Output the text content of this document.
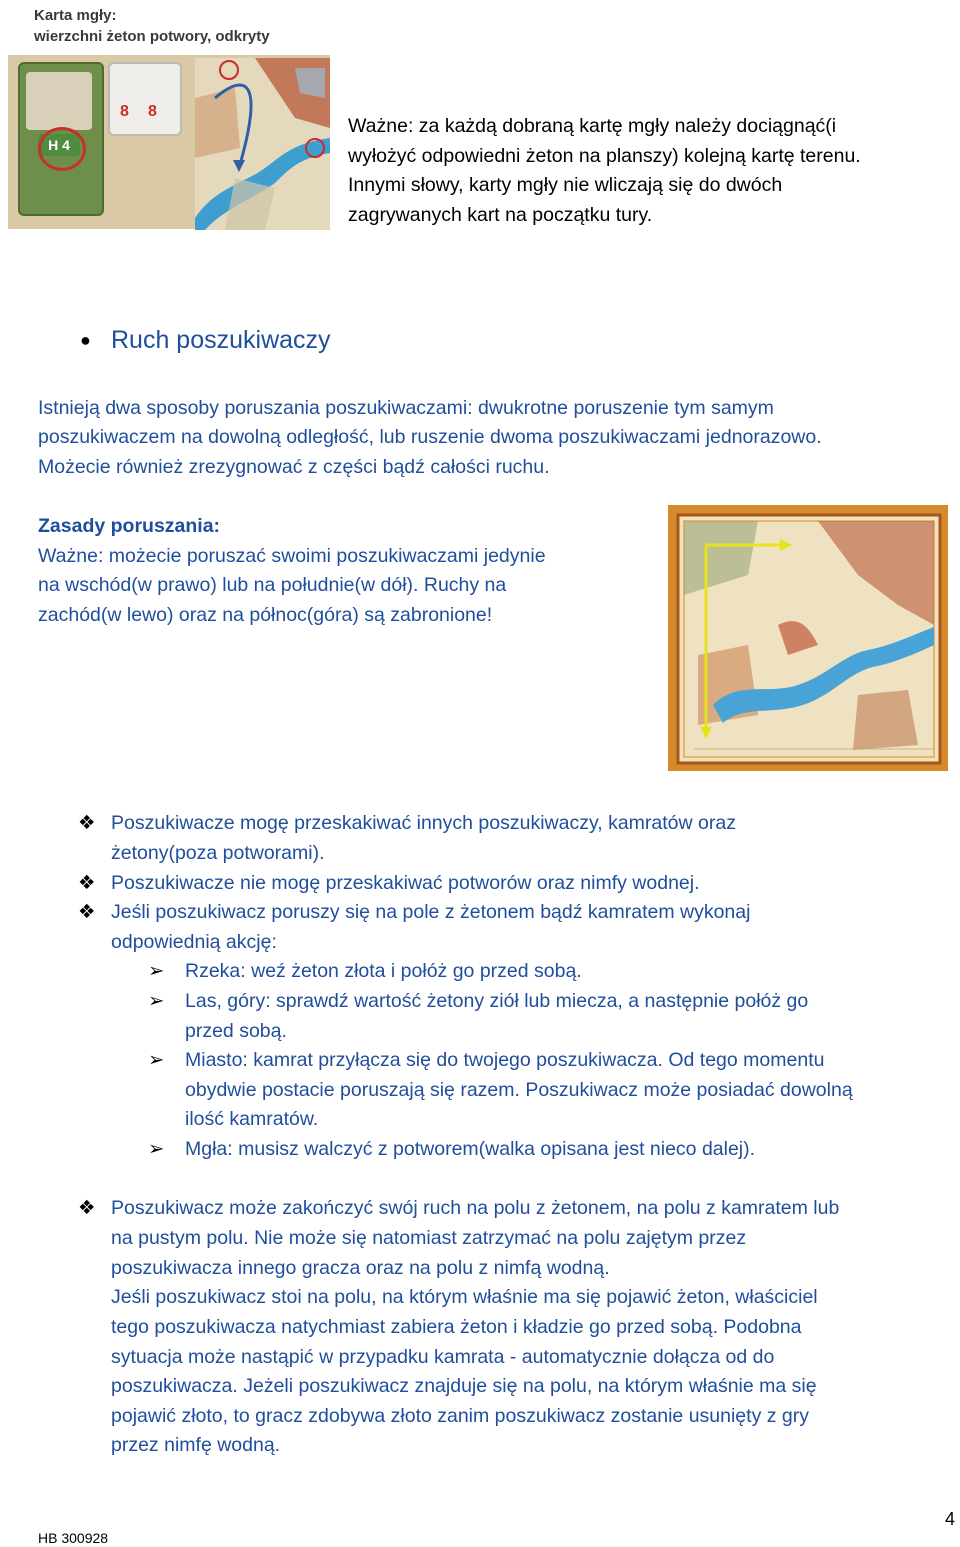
Karta mgły:
wierzchni żeton potwory, odkryty
H 4
8 8
Ważne: za każdą dobraną kartę mgły należy dociągnąć(i
wyłożyć odpowiedni żeton na planszy) kolejną kartę terenu.
Innymi słowy, karty mgły nie wliczają się do dwóch
zagrywanych kart na początku tury.
● Ruch poszukiwaczy
Istnieją dwa sposoby poruszania poszukiwaczami: dwukrotne poruszenie tym samym
poszukiwaczem na dowolną odległość, lub ruszenie dwoma poszukiwaczami jednorazowo.
Możecie również zrezygnować z części bądź całości ruchu.
Zasady poruszania:
Ważne: możecie poruszać swoimi poszukiwaczami jedynie
na wschód(w prawo) lub na południe(w dół). Ruchy na
zachód(w lewo) oraz na północ(góra) są zabronione!
❖ Poszukiwacze mogę przeskakiwać innych poszukiwaczy, kamratów oraz
żetony(poza potworami).
❖ Poszukiwacze nie mogę przeskakiwać potworów oraz nimfy wodnej.
❖ Jeśli poszukiwacz poruszy się na pole z żetonem bądź kamratem wykonaj
odpowiednią akcję:
➢ Rzeka: weź żeton złota i połóż go przed sobą.
➢ Las, góry: sprawdź wartość żetony ziół lub miecza, a następnie połóż go
przed sobą.
➢ Miasto: kamrat przyłącza się do twojego poszukiwacza. Od tego momentu
obydwie postacie poruszają się razem. Poszukiwacz może posiadać dowolną
ilość kamratów.
➢ Mgła: musisz walczyć z potworem(walka opisana jest nieco dalej).
❖ Poszukiwacz może zakończyć swój ruch na polu z żetonem, na polu z kamratem lub
na pustym polu. Nie może się natomiast zatrzymać na polu zajętym przez
poszukiwacza innego gracza oraz na polu z nimfą wodną.
Jeśli poszukiwacz stoi na polu, na którym właśnie ma się pojawić żeton, właściciel
tego poszukiwacza natychmiast zabiera żeton i kładzie go przed sobą. Podobna
sytuacja może nastąpić w przypadku kamrata - automatycznie dołącza od do
poszukiwacza. Jeżeli poszukiwacz znajduje się na polu, na którym właśnie ma się
pojawić złoto, to gracz zdobywa złoto zanim poszukiwacz zostanie usunięty z gry
przez nimfę wodną.
HB 300928
4
